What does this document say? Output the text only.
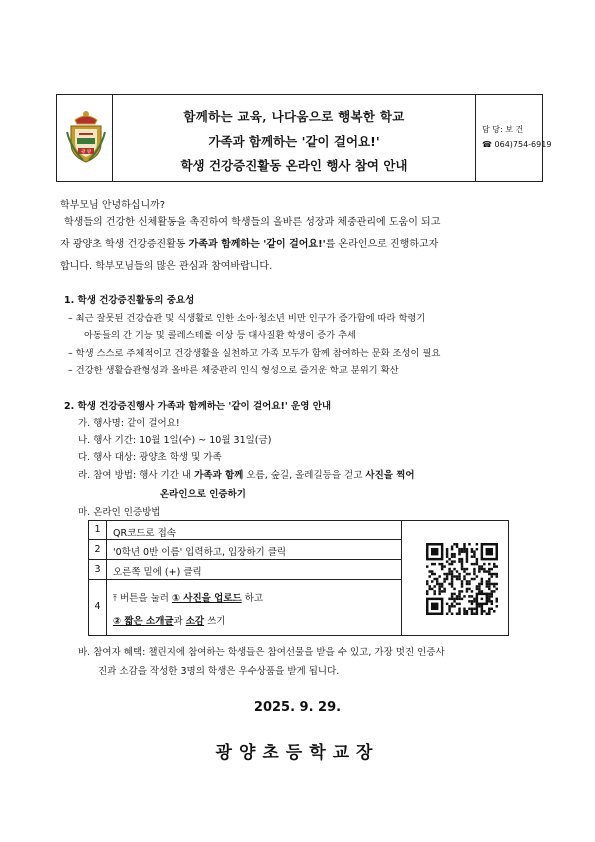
광 양
함께하는 교육, 나다움으로 행복한 학교
가족과 함께하는 '같이 걸어요!'
학생 건강증진활동 온라인 행사 참여 안내
담 당: 보 건
☎ 064)754-6919
학부모님 안녕하십니까?
학생들의 건강한 신체활동을 촉진하여 학생들의 올바른 성장과 체중관리에 도움이 되고
자 광양초 학생 건강증진활동 가족과 함께하는 '같이 걸어요!'를 온라인으로 진행하고자
합니다. 학부모님들의 많은 관심과 참여바랍니다.
1. 학생 건강증진활동의 중요성
– 최근 잘못된 건강습관 및 식생활로 인한 소아·청소년 비만 인구가 증가함에 따라 학령기
아동들의 간 기능 및 콜레스테롤 이상 등 대사질환 학생이 증가 추세
– 학생 스스로 주체적이고 건강생활을 실천하고 가족 모두가 함께 참여하는 문화 조성이 필요
– 건강한 생활습관형성과 올바른 체중관리 인식 형성으로 즐거운 학교 분위기 확산
2. 학생 건강증진행사 가족과 함께하는 '같이 걸어요!' 운영 안내
가. 행사명: 같이 걸어요!
나. 행사 기간: 10월 1일(수) ~ 10월 31일(금)
다. 행사 대상: 광양초 학생 및 가족
라. 참여 방법: 행사 기간 내 가족과 함께 오름, 숲길, 올레길등을 걷고 사진을 찍어
온라인으로 인증하기
마. 온라인 인증방법
1	QR코드로 접속
2	'0학년 0반 이름' 입력하고, 입장하기 클릭
3	오른쪽 밑에 (+) 클릭
4
⤒ 버튼을 눌러 ① 사진을 업로드 하고
② 짧은 소개글과 소감 쓰기
바. 참여자 혜택: 챌린지에 참여하는 학생들은 참여선물을 받을 수 있고, 가장 멋진 인증사
진과 소감을 작성한 3명의 학생은 우수상품을 받게 됩니다.
2025. 9. 29.
광양초등학교장
